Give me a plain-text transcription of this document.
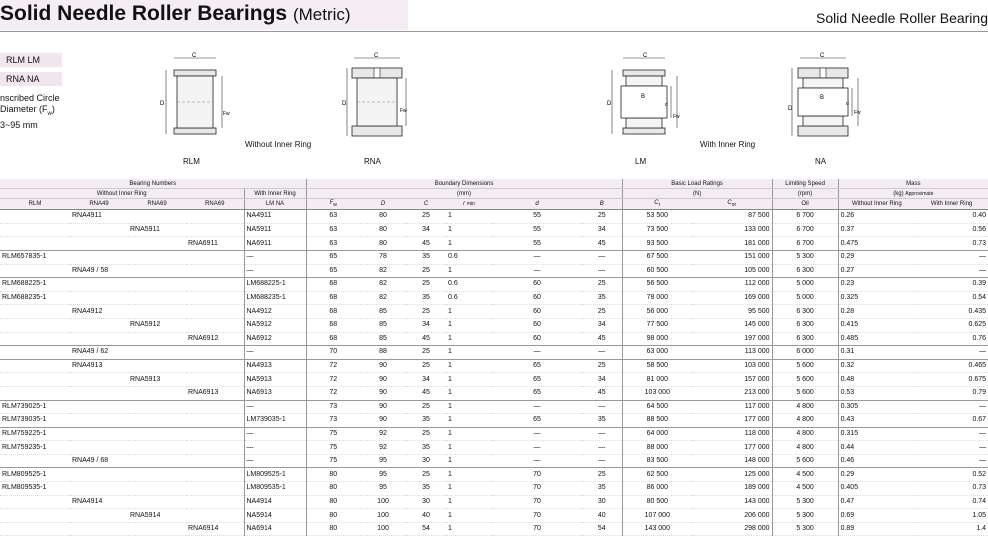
Solid Needle Roller Bearings (Metric)	Solid Needle Roller Bearing
RLM LM
RNA NA
nscribed Circle
Diameter $(F_w)$
3~95 mm
C
D
Fw
RLM
Without Inner Ring
C
D
Fw
RNA
C
B
D	d
Fw
LM
With Inner Ring
C
B
D
d
Fw
NA
Bearing Numbers					Boundary Dimensions						Basic Load Ratings		Limiting Speed	Mass	
Without Inner Ring				With Inner Ring	(mm)						(N)		(rpm)	(kg) Approximate	
RLM	RNA49	RNA69	RNA69	LM NA	$F_w$	D	C	r min	d	B	$C_r$	$C_{or}$	Oil	Without Inner Ring	With Inner Ring
	RNA4911			NA4911	63	80	25	1	55	25	53 500	87 500	6 700	0.26	0.40
		RNA5911		NA5911	63	80	34	1	55	34	73 500	133 000	6 700	0.37	0.56
			RNA6911	NA6911	63	80	45	1	55	45	93 500	181 000	6 700	0.475	0.73
RLM657835-1				—	65	78	35	0.6	—	—	67 500	151 000	5 300	0.29	—
	RNA49 / 58			—	65	82	25	1	—	—	60 500	105 000	6 300	0.27	—
RLM688225-1				LM688225-1	68	82	25	0.6	60	25	56 500	112 000	5 000	0.23	0.39
RLM688235-1				LM688235-1	68	82	35	0.6	60	35	78 000	169 000	5 000	0.325	0.54
	RNA4912			NA4912	68	85	25	1	60	25	56 000	95 500	6 300	0.28	0.435
		RNA5912		NA5912	68	85	34	1	60	34	77 500	145 000	6 300	0.415	0.625
			RNA6912	NA6912	68	85	45	1	60	45	98 000	197 000	6 300	0.485	0.76
	RNA49 / 62			—	70	88	25	1	—	—	63 000	113 000	6 000	0.31	—
	RNA4913			NA4913	72	90	25	1	65	25	58 500	103 000	5 600	0.32	0.465
		RNA5913		NA5913	72	90	34	1	65	34	81 000	157 000	5 600	0.48	0.675
			RNA6913	NA6913	72	90	45	1	65	45	103 000	213 000	5 600	0.53	0.79
RLM739025-1				—	73	90	25	1	—	—	64 500	117 000	4 800	0.305	—
RLM739035-1				LM739035-1	73	90	35	1	65	35	88 500	177 000	4 800	0.43	0.67
RLM759225-1				—	75	92	25	1	—	—	64 000	118 000	4 800	0.315	—
RLM759235-1				—	75	92	35	1	—	—	88 000	177 000	4 800	0.44	—
	RNA49 / 68			—	75	95	30	1	—	—	83 500	148 000	5 600	0.46	—
RLM809525-1				LM809525-1	80	95	25	1	70	25	62 500	125 000	4 500	0.29	0.52
RLM809535-1				LM809535-1	80	95	35	1	70	35	86 000	189 000	4 500	0.405	0.73
	RNA4914			NA4914	80	100	30	1	70	30	80 500	143 000	5 300	0.47	0.74
		RNA5914		NA5914	80	100	40	1	70	40	107 000	206 000	5 300	0.69	1.05
			RNA6914	NA6914	80	100	54	1	70	54	143 000	298 000	5 300	0.89	1.4
